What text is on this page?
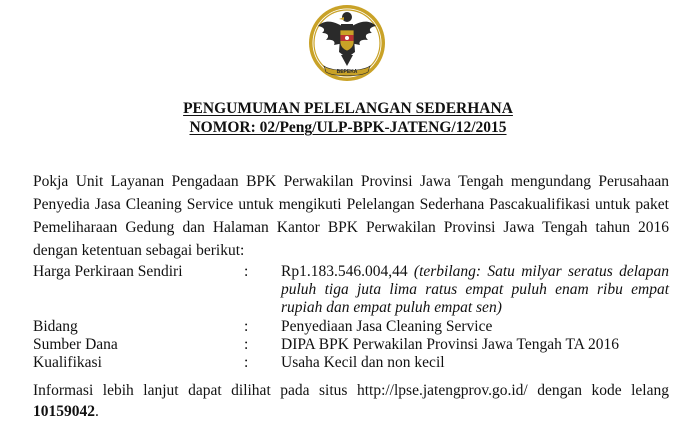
BEPEKA
PENGUMUMAN PELELANGAN SEDERHANA
NOMOR: 02/Peng/ULP-BPK-JATENG/12/2015
Pokja Unit Layanan Pengadaan BPK Perwakilan Provinsi Jawa Tengah mengundang Perusahaan Penyedia Jasa Cleaning Service untuk mengikuti Pelelangan Sederhana Pascakualifikasi untuk paket Pemeliharaan Gedung dan Halaman Kantor BPK Perwakilan Provinsi Jawa Tengah tahun 2016 dengan ketentuan sebagai berikut:
Harga Perkiraan Sendiri	:	Rp1.183.546.004,44 (terbilang: Satu milyar seratus delapan puluh tiga juta lima ratus empat puluh enam ribu empat rupiah dan empat puluh empat sen)
Bidang	:	Penyediaan Jasa Cleaning Service
Sumber Dana	:	DIPA BPK Perwakilan Provinsi Jawa Tengah TA 2016
Kualifikasi	:	Usaha Kecil dan non kecil
Informasi lebih lanjut dapat dilihat pada situs http://lpse.jatengprov.go.id/ dengan kode lelang 10159042.
